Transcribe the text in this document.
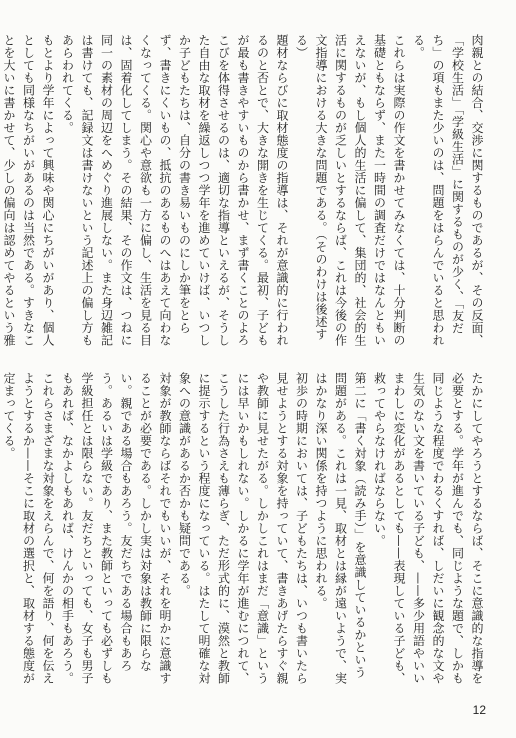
肉親との結合、交渉に関するものであるが、その反面、「学校生活」「学級生活」に関するものが少く、「友だち」の項もまた少いのは、問題をはらんでいると思われる。
これらは実際の作文を書かせてみなくては、十分判断の基礎ともならず、また一時間の調査だけではなんともいえないが、もし個人的生活に偏して、集団的、社会的生活に関するものが乏しいとするならば、これは今後の作文指導における大きな問題である。（そのわけは後述する）
題材ならびに取材態度の指導は、それが意識的に行われるのと否とで、大きな開きを生じてくる。最初、子どもが最も書きやすいものから書かせ、まず書くことのよろこびを体得させるのは、適切な指導といえるが、そうした自由な取材を繰返しつつ学年を進めていけば、いつしか子どもたちは、自分の書き易いものにしか筆をとらず、書きにくいもの、抵抗のあるものへはあえて向わなくなってくる。関心や意欲も一方に偏し、生活を見る目は、固着化してしまう。その結果、その作文は、つねに同一の素材の周辺をへめぐり進展しない。また身辺雑記は書けても、記録文は書けないという記述上の偏し方もあらわれてくる。
もとより学年によって興味や関心にちがいがあり、個人としても同様なちがいがあるのは当然である。すきなことを大いに書かせて、少しの偏向は認めてやるという雅
たかにしてやろうとするならば、そこに意識的な指導を必要とする。学年が進んでも、同じような題で、しかも同じような程度でわるくすれば、しだいに観念的な文や生気のない文を書いている子ども、——多少用語やいいまわしに変化があるとしても——表現している子ども、救ってやらなければならない。
第二に「書く対象（読み手）」を意識しているかという問題がある。これは一見、取材とは縁が遠いようで、実はかなり深い関係を持つように思われる。
初歩の時期においては、子どもたちは、いつも書いたら見せようとする対象を持っていて、書きあげたらすぐ親や教師に見せたがる。しかしこれはまだ「意識」というには早いかもしれない。しかるに学年が進むにつれて、こうした行為さえも薄らぎ、ただ形式的に、漠然と教師に提示するという程度になっている。はたして明確な対象への意識があるか否かも疑問である。
対象が教師ならばそれでもいいが、それを明かに意識することが必要である。しかし実は対象は教師に限らない。親である場合もあろう。友だちである場合もあろう。あるいは学級であり、また教師といっても必ずしも学級担任とは限らない。友だちといっても、女子も男子もあれば、なかよしもあれば、けんかの相手もあろう。
これらさまざまな対象をえらんで、何を語り、何を伝えようとするか——そこに取材の選択と、取材する態度が定まってくる。
12
